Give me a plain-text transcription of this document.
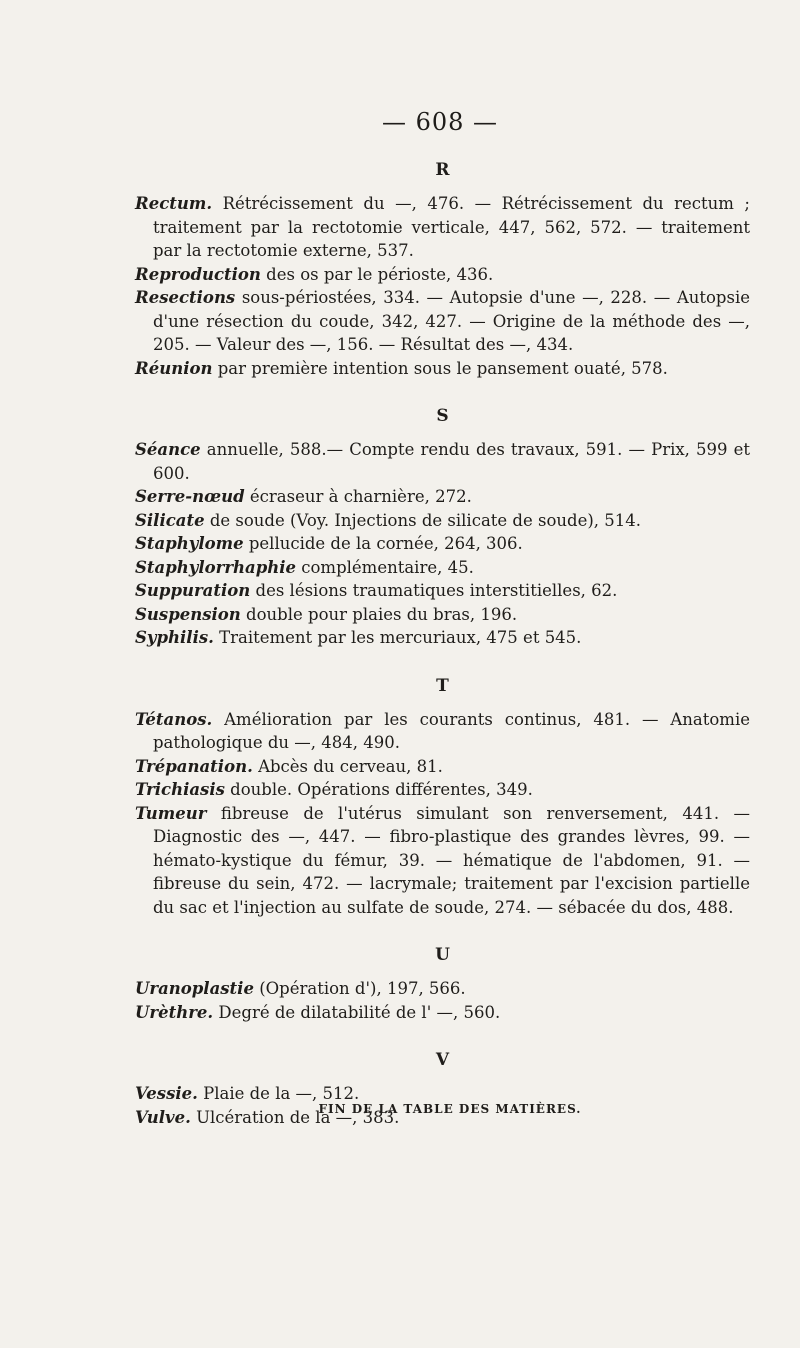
— 608 —
R

Rectum. Rétrécissement du —, 476. — Rétrécissement du rectum ; traitement par la rectotomie verticale, 447, 562, 572. — traitement par la rectotomie externe, 537.

Reproduction des os par le périoste, 436.

Resections sous-périostées, 334. — Autopsie d'une —, 228. — Autopsie d'une résection du coude, 342, 427. — Origine de la méthode des —, 205. — Valeur des —, 156. — Résultat des —, 434.

Réunion par première intention sous le pansement ouaté, 578.

S

Séance annuelle, 588.— Compte rendu des travaux, 591. — Prix, 599 et 600.

Serre-nœud écraseur à charnière, 272.

Silicate de soude (Voy. Injections de silicate de soude), 514.

Staphylome pellucide de la cornée, 264, 306.

Staphylorrhaphie complémentaire, 45.

Suppuration des lésions traumatiques interstitielles, 62.

Suspension double pour plaies du bras, 196.

Syphilis. Traitement par les mercuriaux, 475 et 545.

T

Tétanos. Amélioration par les courants continus, 481. — Anatomie pathologique du —, 484, 490.

Trépanation. Abcès du cerveau, 81.

Trichiasis double. Opérations différentes, 349.

Tumeur fibreuse de l'utérus simulant son renversement, 441. — Diagnostic des —, 447. — fibro-plastique des grandes lèvres, 99. — hémato-kystique du fémur, 39. — hématique de l'abdomen, 91. — fibreuse du sein, 472. — lacrymale; traitement par l'excision partielle du sac et l'injection au sulfate de soude, 274. — sébacée du dos, 488.

U

Uranoplastie (Opération d'), 197, 566.

Urèthre. Degré de dilatabilité de l' —, 560.

V

Vessie. Plaie de la —, 512.

Vulve. Ulcération de la —, 383.

FIN DE LA TABLE DES MATIÈRES.
